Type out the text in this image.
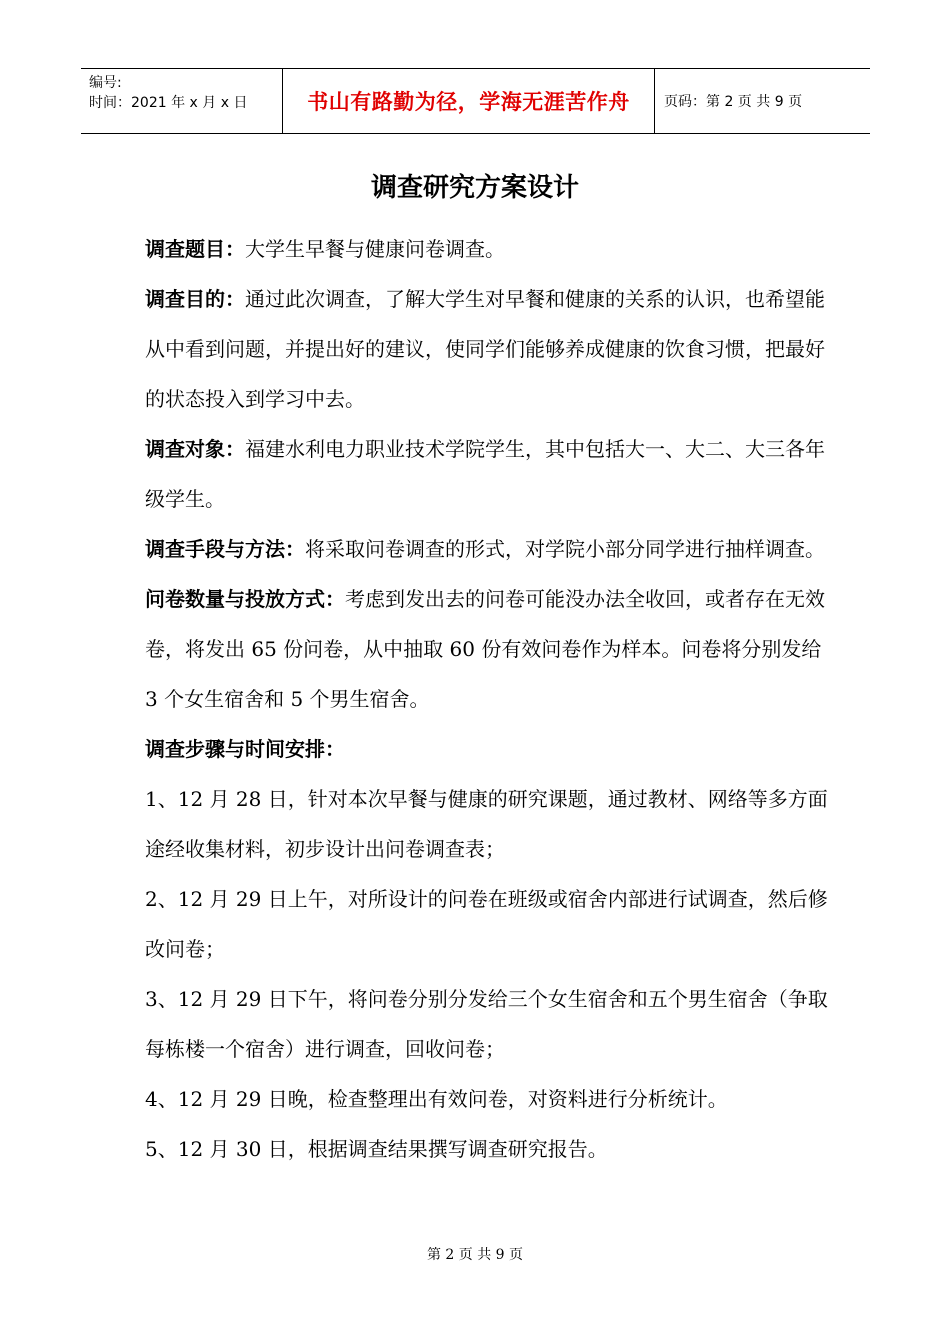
编号:
时间：2021 年 x 月 x 日	书山有路勤为径，学海无涯苦作舟	页码：第 2 页 共 9 页
调查研究方案设计

调查题目：大学生早餐与健康问卷调查。

调查目的：通过此次调查，了解大学生对早餐和健康的关系的认识，也希望能从中看到问题，并提出好的建议，使同学们能够养成健康的饮食习惯，把最好的状态投入到学习中去。

调查对象：福建水利电力职业技术学院学生，其中包括大一、大二、大三各年级学生。

调查手段与方法：将采取问卷调查的形式，对学院小部分同学进行抽样调查。

问卷数量与投放方式：考虑到发出去的问卷可能没办法全收回，或者存在无效卷，将发出 65 份问卷，从中抽取 60 份有效问卷作为样本。问卷将分别发给 3 个女生宿舍和 5 个男生宿舍。

调查步骤与时间安排：

1、12 月 28 日，针对本次早餐与健康的研究课题，通过教材、网络等多方面途经收集材料，初步设计出问卷调查表；

2、12 月 29 日上午，对所设计的问卷在班级或宿舍内部进行试调查，然后修改问卷；

3、12 月 29 日下午，将问卷分别分发给三个女生宿舍和五个男生宿舍（争取每栋楼一个宿舍）进行调查，回收问卷；

4、12 月 29 日晚，检查整理出有效问卷，对资料进行分析统计。

5、12 月 30 日，根据调查结果撰写调查研究报告。

第 2 页 共 9 页
